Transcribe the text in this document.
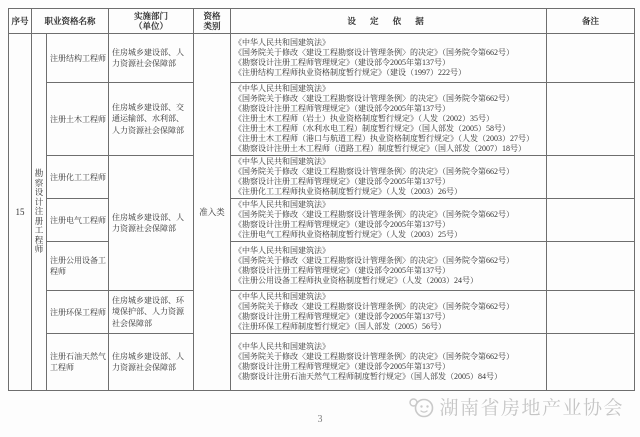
序号	职业资格名称	实施部门
（单位）

资格
类别	设 定 依 据	备注
15	勘察设计注册工程师	注册结构工程师	住房城乡建设部、人力资源社会保障部	准入类	《中华人民共和国建筑法》
《国务院关于修改〈建设工程勘察设计管理条例〉的决定》（国务院令第662号）
《勘察设计注册工程师管理规定》（建设部令2005年第137号）
《注册结构工程师执业资格制度暂行规定》（建设（1997）222号）	

注册土木工程师	住房城乡建设部、交通运输部、水利部、人力资源社会保障部	
《中华人民共和国建筑法》
《国务院关于修改〈建设工程勘察设计管理条例〉的决定》（国务院令第662号）
《勘察设计注册工程师管理规定》（建设部令2005年第137号）
《注册土木工程师（岩土）执业资格制度暂行规定》（人发（2002）35号）
《注册土木工程师（水利水电工程）制度暂行规定》（国人部发（2005）58号）
《注册土木工程师（港口与航道工程）执业资格制度暂行规定》（人发（2003）27号）
《勘察设计注册土木工程师（道路工程）制度暂行规定》（国人部发（2007）18号）

		注册化工工程师	住房城乡建设部、人力资源社会保障部		《中华人民共和国建筑法》
《国务院关于修改〈建设工程勘察设计管理条例〉的决定》（国务院令第662号）
《勘察设计注册工程师管理规定》（建设部令2005年第137号）
《注册化工工程师执业资格制度暂行规定》（人发（2003）26号）	

		注册电气工程师			《中华人民共和国建筑法》
《国务院关于修改〈建设工程勘察设计管理条例〉的决定》（国务院令第662号）
《勘察设计注册工程师管理规定》（建设部令2005年第137号）
《注册电气工程师执业资格制度暂行规定》（人发（2003）25号）	

		注册公用设备工程师			《中华人民共和国建筑法》
《国务院关于修改〈建设工程勘察设计管理条例〉的决定》（国务院令第662号）
《勘察设计注册工程师管理规定》（建设部令2005年第137号）
《注册公用设备工程师执业资格制度暂行规定》（人发（2003）24号）	

		注册环保工程师	住房城乡建设部、环境保护部、人力资源社会保障部		《中华人民共和国建筑法》
《国务院关于修改〈建设工程勘察设计管理条例〉的决定》（国务院令第662号）
《勘察设计注册工程师管理规定》（建设部令2005年第137号）
《注册环保工程师制度暂行规定》（国人部发（2005）56号）	

		注册石油天然气工程师	住房城乡建设部、人力资源社会保障部		《中华人民共和国建筑法》
《国务院关于修改〈建设工程勘察设计管理条例〉的决定》（国务院令第662号）
《勘察设计注册工程师管理规定》（建设部令2005年第137号）
《勘察设计注册石油天然气工程师制度暂行规定》（国人部发（2005）84号）	

3
湖南省房地产业协会
